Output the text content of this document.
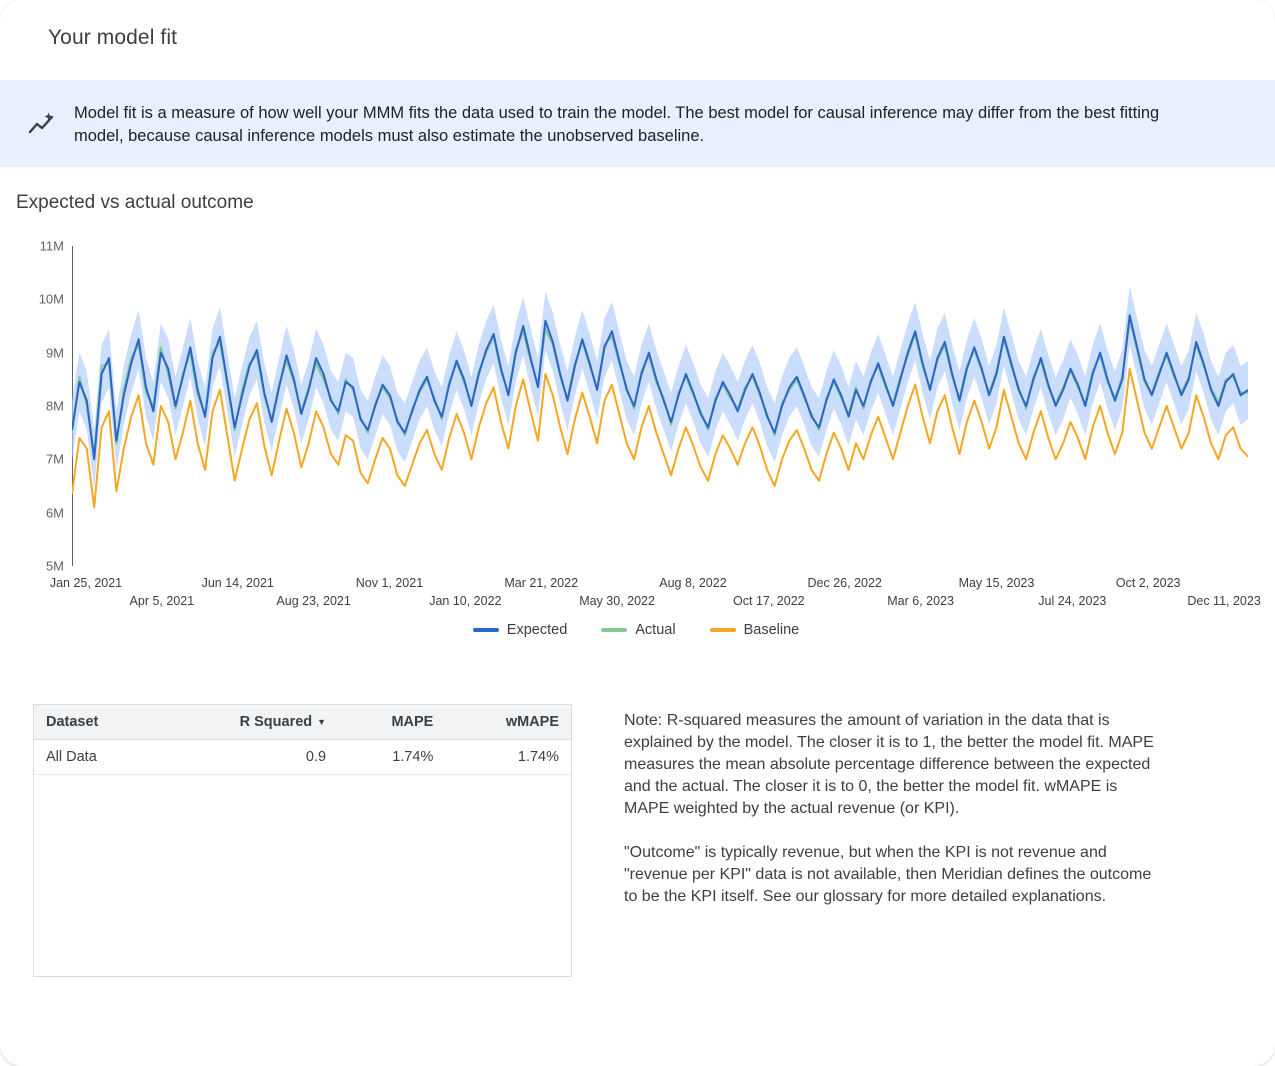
Your model fit
Model fit is a measure of how well your MMM fits the data used to train the model. The best model for causal inference may differ from the best fitting model, because causal inference models must also estimate the unobserved baseline.
Expected vs actual outcome
5M
6M
7M
8M
9M
10M
11M
Jan 25, 2021	Jun 14, 2021	Nov 1, 2021	Mar 21, 2022	Aug 8, 2022	Dec 26, 2022	May 15, 2023	Oct 2, 2023
Apr 5, 2021	Aug 23, 2021	Jan 10, 2022	May 30, 2022	Oct 17, 2022	Mar 6, 2023	Jul 24, 2023	Dec 11, 2023
Expected	Actual	Baseline
Dataset	R Squared ▼	MAPE	wMAPE
All Data	0.9	1.74%	1.74%

Note: R-squared measures the amount of variation in the data that is explained by the model. The closer it is to 1, the better the model fit. MAPE measures the mean absolute percentage difference between the expected and the actual. The closer it is to 0, the better the model fit. wMAPE is MAPE weighted by the actual revenue (or KPI).

"Outcome" is typically revenue, but when the KPI is not revenue and "revenue per KPI" data is not available, then Meridian defines the outcome to be the KPI itself. See our glossary for more detailed explanations.
